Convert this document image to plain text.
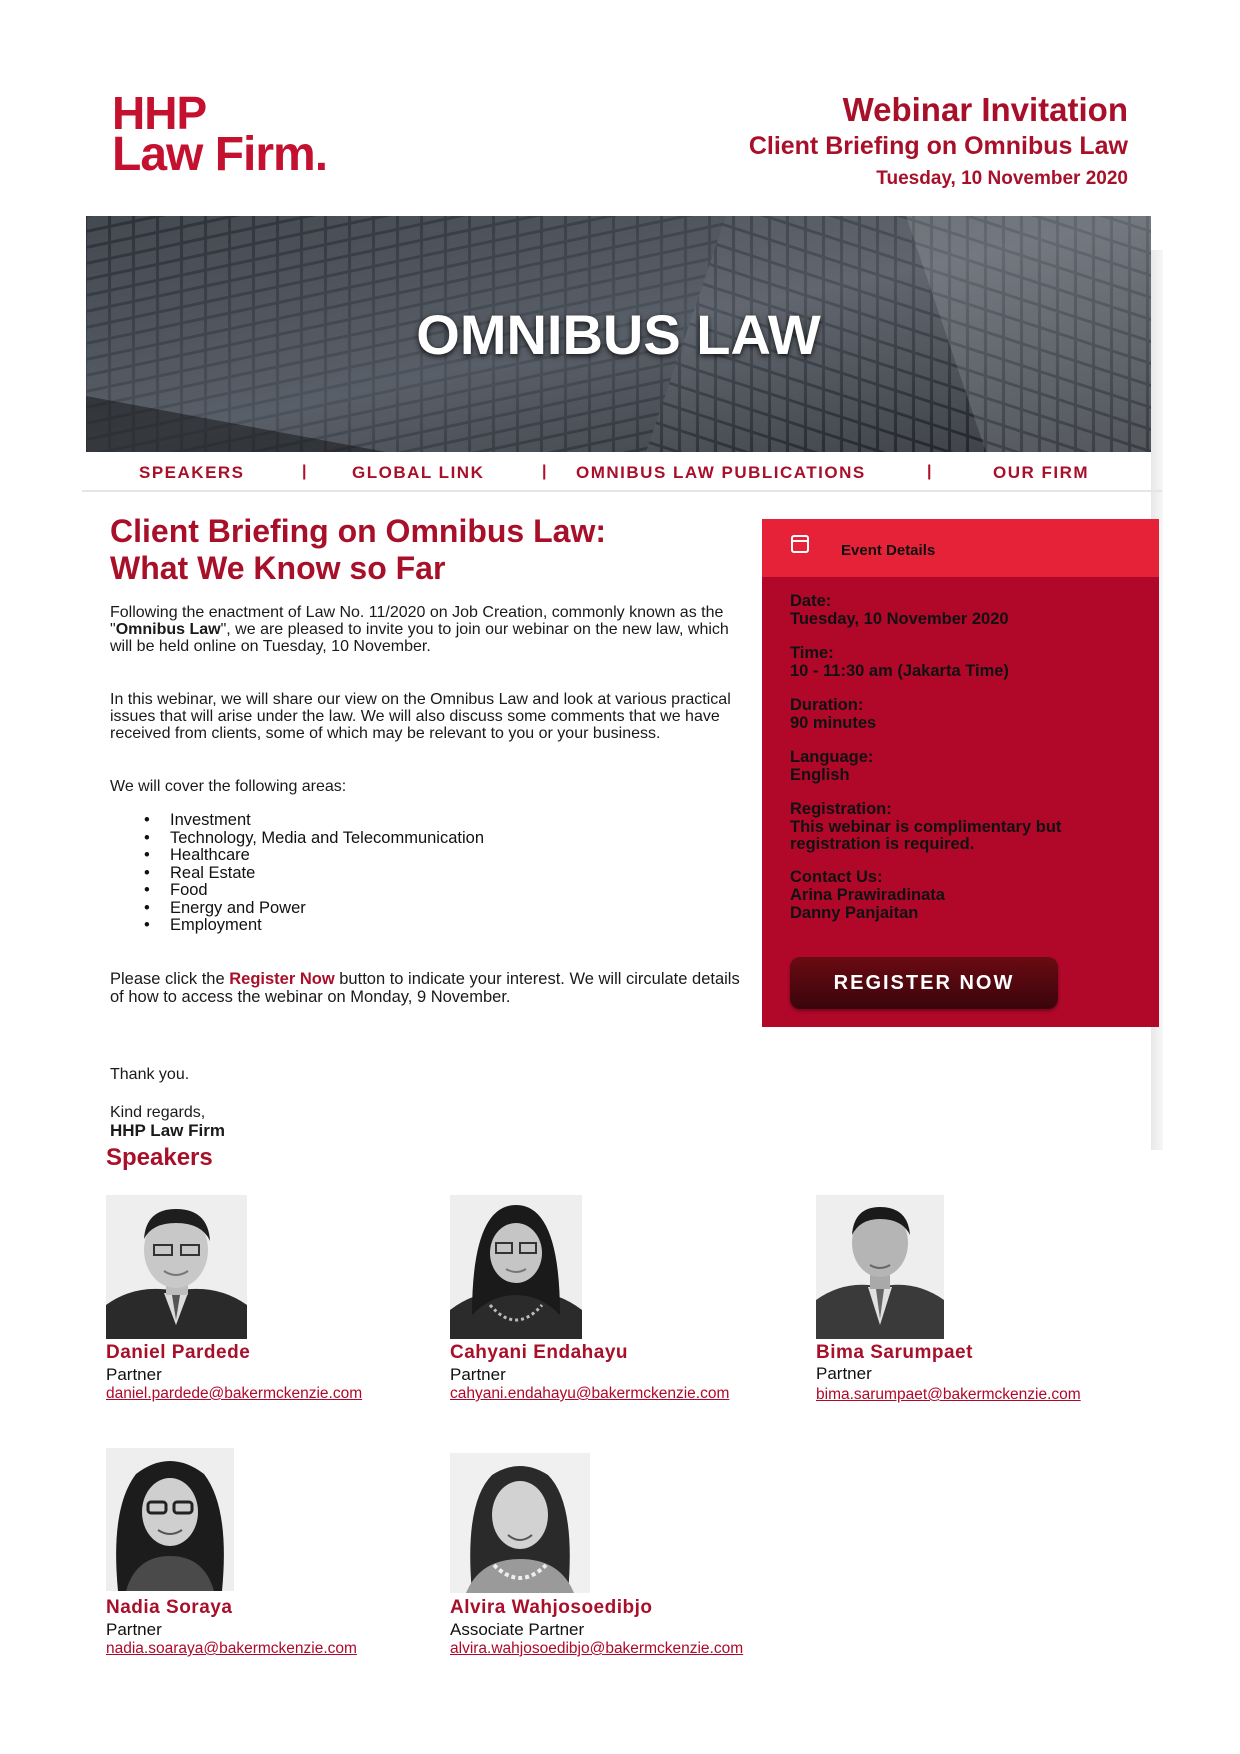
HHP
Law Firm.
Webinar Invitation
Client Briefing on Omnibus Law
Tuesday, 10 November 2020
OMNIBUS LAW
SPEAKERS	|	GLOBAL LINK	| OMNIBUS LAW PUBLICATIONS	|	OUR FIRM
Client Briefing on Omnibus Law:
What We Know so Far
Following the enactment of Law No. 11/2020 on Job Creation, commonly known as the "Omnibus Law", we are pleased to invite you to join our webinar on the new law, which will be held online on Tuesday, 10 November.
In this webinar, we will share our view on the Omnibus Law and look at various practical issues that will arise under the law. We will also discuss some comments that we have received from clients, some of which may be relevant to you or your business.
We will cover the following areas:
• Investment
• Technology, Media and Telecommunication
• Healthcare
• Real Estate
• Food
• Energy and Power
• Employment
Please click the Register Now button to indicate your interest. We will circulate details of how to access the webinar on Monday, 9 November.
Thank you.
Kind regards,
HHP Law Firm
Event Details
Date:
Tuesday, 10 November 2020
Time:
10 - 11:30 am (Jakarta Time)
Duration:
90 minutes
Language:
English
Registration:
This webinar is complimentary but registration is required.
Contact Us:
Arina Prawiradinata
Danny Panjaitan
REGISTER NOW
Speakers
Daniel Pardede
Partner
daniel.pardede@bakermckenzie.com
Cahyani Endahayu
Partner
cahyani.endahayu@bakermckenzie.com
Bima Sarumpaet
Partner
bima.sarumpaet@bakermckenzie.com
Nadia Soraya
Partner
nadia.soaraya@bakermckenzie.com
Alvira Wahjosoedibjo
Associate Partner
alvira.wahjosoedibjo@bakermckenzie.com
